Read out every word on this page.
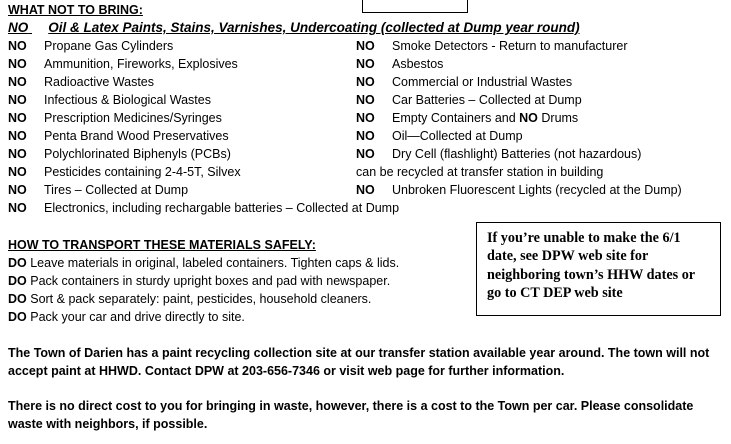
WHAT NOT TO BRING:
NO Oil & Latex Paints, Stains, Varnishes, Undercoating (collected at Dump year round)
NO Propane Gas Cylinders
NO Ammunition, Fireworks, Explosives
NO Radioactive Wastes
NO Infectious & Biological Wastes
NO Prescription Medicines/Syringes
NO Penta Brand Wood Preservatives
NO Polychlorinated Biphenyls (PCBs)
NO Pesticides containing 2-4-5T, Silvex
NO Tires – Collected at Dump
NO Electronics, including rechargable batteries – Collected at Dump
NO Smoke Detectors - Return to manufacturer
NO Asbestos
NO Commercial or Industrial Wastes
NO Car Batteries – Collected at Dump
NO Empty Containers and NO Drums
NO Oil—Collected at Dump
NO Dry Cell (flashlight) Batteries (not hazardous)
can be recycled at transfer station in building
NO Unbroken Fluorescent Lights (recycled at the Dump)
HOW TO TRANSPORT THESE MATERIALS SAFELY:
DO Leave materials in original, labeled containers. Tighten caps & lids.
DO Pack containers in sturdy upright boxes and pad with newspaper.
DO Sort & pack separately: paint, pesticides, household cleaners.
DO Pack your car and drive directly to site.
If you’re unable to make the 6/1 date, see DPW web site for neighboring town’s HHW dates or go to CT DEP web site
The Town of Darien has a paint recycling collection site at our transfer station available year around. The town will not accept paint at HHWD. Contact DPW at 203-656-7346 or visit web page for further information.
There is no direct cost to you for bringing in waste, however, there is a cost to the Town per car. Please consolidate waste with neighbors, if possible.
